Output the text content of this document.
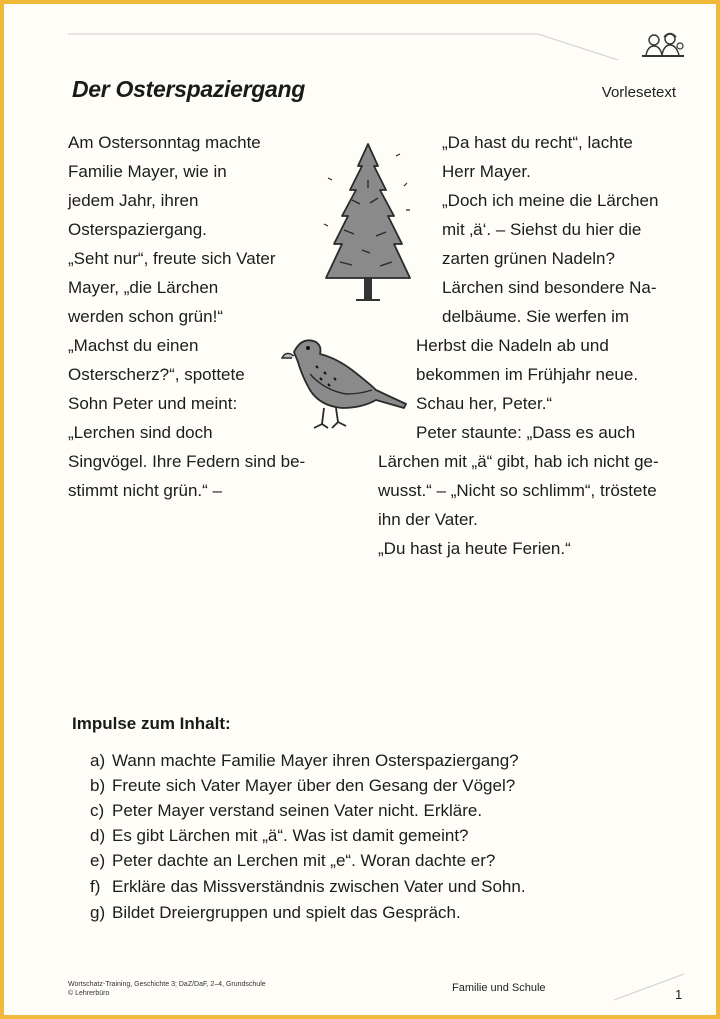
Der Osterspaziergang	Vorlesetext
Am Ostersonntag machte
Familie Mayer, wie in
jedem Jahr, ihren
Osterspaziergang.
„Seht nur“, freute sich Vater
Mayer, „die Lärchen
werden schon grün!“
„Machst du einen
Osterscherz?“, spottete
Sohn Peter und meint:
„Lerchen sind doch
Singvögel. Ihre Federn sind be-
stimmt nicht grün.“ –
„Da hast du recht“, lachte
Herr Mayer.
„Doch ich meine die Lärchen
mit ‚ä‘. – Siehst du hier die
zarten grünen Nadeln?
Lärchen sind besondere Na-
delbäume. Sie werfen im
Herbst die Nadeln ab und
bekommen im Frühjahr neue.
Schau her, Peter.“
Peter staunte: „Dass es auch
Lärchen mit „ä“ gibt, hab ich nicht ge-
wusst.“ – „Nicht so schlimm“, tröstete
ihn der Vater.
„Du hast ja heute Ferien.“
Impulse zum Inhalt:
a) Wann machte Familie Mayer ihren Osterspaziergang?
b) Freute sich Vater Mayer über den Gesang der Vögel?
c) Peter Mayer verstand seinen Vater nicht. Erkläre.
d) Es gibt Lärchen mit „ä“. Was ist damit gemeint?
e) Peter dachte an Lerchen mit „e“. Woran dachte er?
f) Erkläre das Missverständnis zwischen Vater und Sohn.
g) Bildet Dreiergruppen und spielt das Gespräch.
Wortschatz-Training, Geschichte 3; DaZ/DaF, 2–4, Grundschule
© Lehrerbüro	Familie und Schule	1
